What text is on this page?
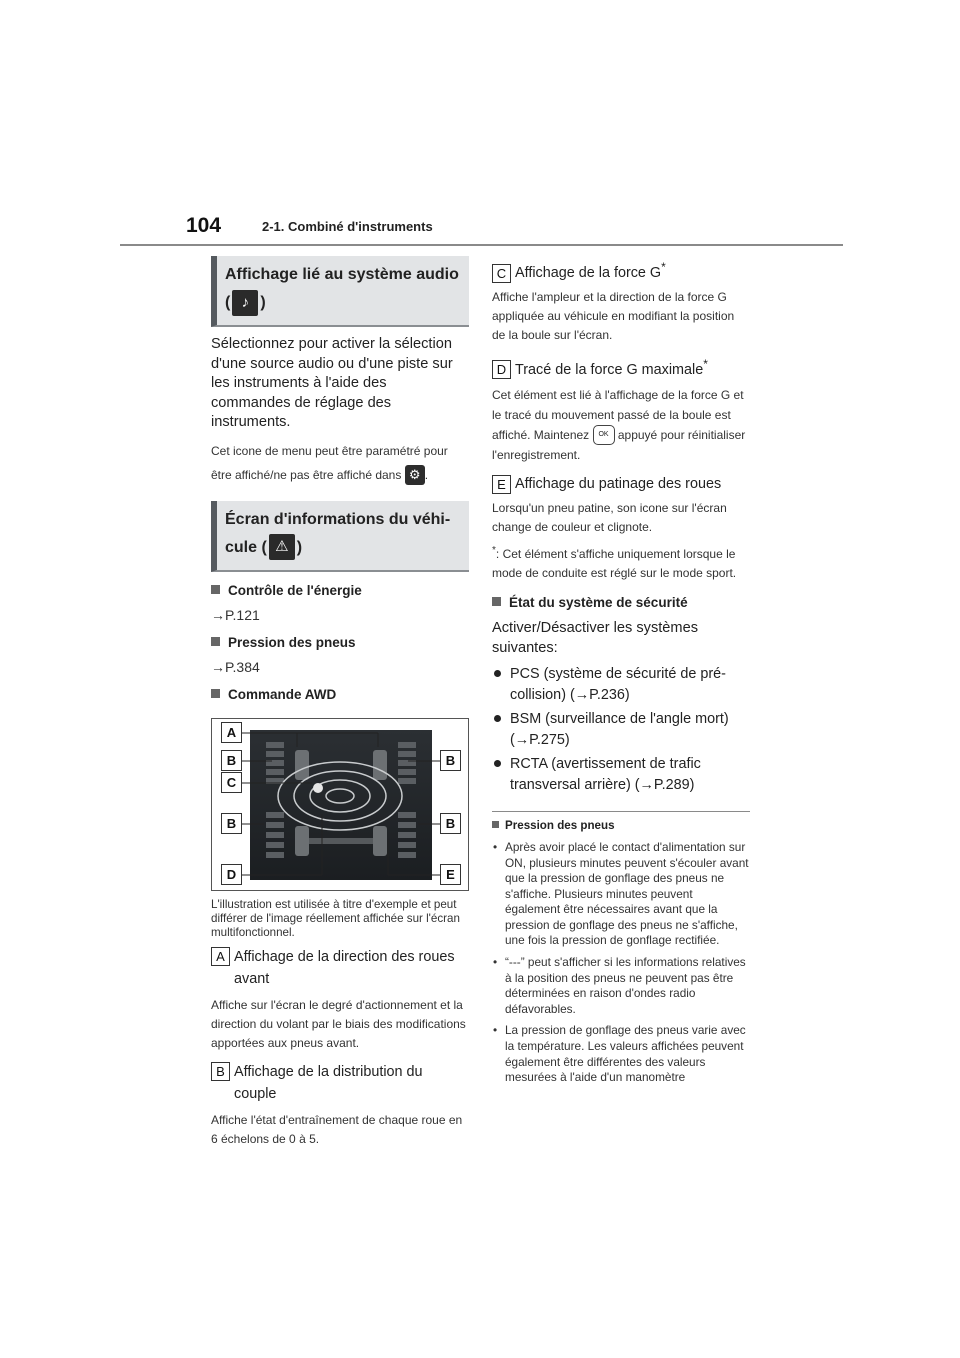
104	2-1. Combiné d'instruments
Affichage lié au système audio
( ♪ )
Sélectionnez pour activer la sélection d'une source audio ou d'une piste sur les instruments à l'aide des commandes de réglage des instruments.
Cet icone de menu peut être paramétré pour être affiché/ne pas être affiché dans ⚙ .
Écran d'informations du véhi-
cule ( ⚠ )
Contrôle de l'énergie
→P.121
Pression des pneus
→P.384
Commande AWD
A
B	B
C
B	B
D	E
L'illustration est utilisée à titre d'exemple et peut différer de l'image réellement affichée sur l'écran multifonctionnel.
A Affichage de la direction des roues
avant
Affiche sur l'écran le degré d'actionnement et la direction du volant par le biais des modifications apportées aux pneus avant.
B Affichage de la distribution du
couple
Affiche l'état d'entraînement de chaque roue en 6 échelons de 0 à 5.
C Affichage de la force G*
Affiche l'ampleur et la direction de la force G appliquée au véhicule en modifiant la position de la boule sur l'écran.
D Tracé de la force G maximale*
Cet élément est lié à l'affichage de la force G et le tracé du mouvement passé de la boule est affiché. Maintenez OK appuyé pour réinitialiser l'enregistrement.
E Affichage du patinage des roues
Lorsqu'un pneu patine, son icone sur l'écran change de couleur et clignote.
*: Cet élément s'affiche uniquement lorsque le mode de conduite est réglé sur le mode sport.
État du système de sécurité
Activer/Désactiver les systèmes suivantes:
PCS (système de sécurité de pré-collision) (→P.236)
BSM (surveillance de l'angle mort) (→P.275)
RCTA (avertissement de trafic transversal arrière) (→P.289)
Pression des pneus
• Après avoir placé le contact d'alimentation sur ON, plusieurs minutes peuvent s'écouler avant que la pression de gonflage des pneus ne s'affiche. Plusieurs minutes peuvent également être nécessaires avant que la pression de gonflage des pneus ne s'affiche, une fois la pression de gonflage rectifiée.
• “---” peut s'afficher si les informations relatives à la position des pneus ne peuvent pas être déterminées en raison d'ondes radio défavorables.
• La pression de gonflage des pneus varie avec la température. Les valeurs affichées peuvent également être différentes des valeurs mesurées à l'aide d'un manomètre
